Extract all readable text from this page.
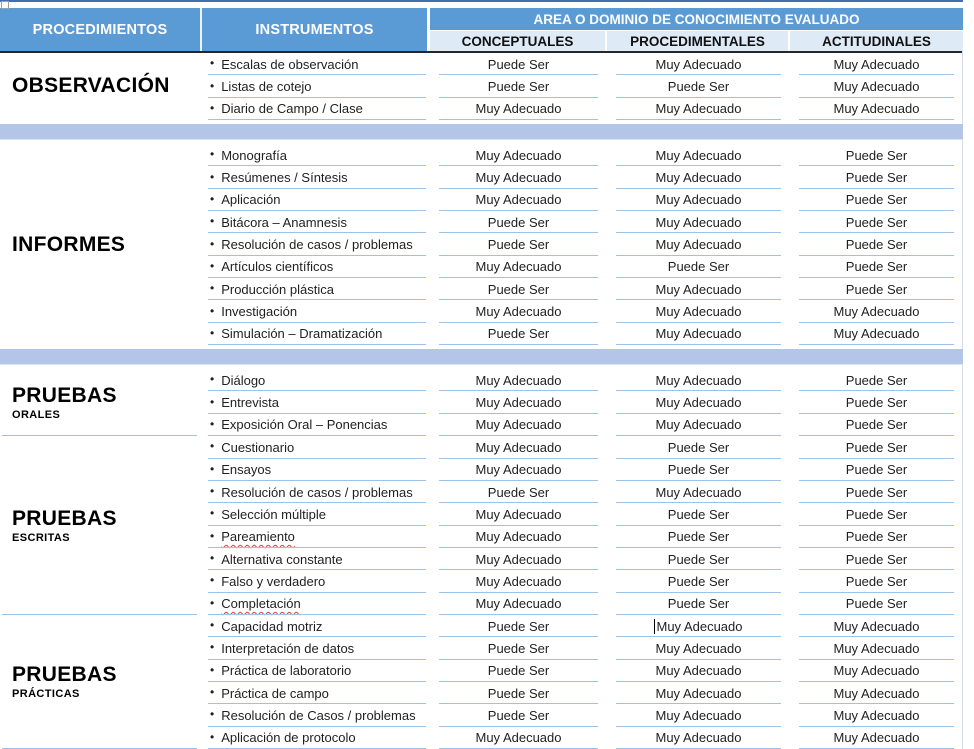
PROCEDIMIENTOS	INSTRUMENTOS
AREA O DOMINIO DE CONOCIMIENTO EVALUADO
CONCEPTUALES	PROCEDIMENTALES	ACTITUDINALES
OBSERVACIÓN
• Escalas de observación	Puede Ser	Muy Adecuado	Muy Adecuado
• Listas de cotejo	Puede Ser	Puede Ser	Muy Adecuado
• Diario de Campo / Clase	Muy Adecuado	Muy Adecuado	Muy Adecuado
INFORMES
• Monografía	Muy Adecuado	Muy Adecuado	Puede Ser
• Resúmenes / Síntesis	Muy Adecuado	Muy Adecuado	Puede Ser
• Aplicación	Muy Adecuado	Muy Adecuado	Puede Ser
• Bitácora – Anamnesis	Puede Ser	Muy Adecuado	Puede Ser
• Resolución de casos / problemas	Puede Ser	Muy Adecuado	Puede Ser
• Artículos científicos	Muy Adecuado	Puede Ser	Puede Ser
• Producción plástica	Puede Ser	Muy Adecuado	Puede Ser
• Investigación	Muy Adecuado	Muy Adecuado	Muy Adecuado
• Simulación – Dramatización	Puede Ser	Muy Adecuado	Muy Adecuado
PRUEBAS
ORALES
• Diálogo	Muy Adecuado	Muy Adecuado	Puede Ser
• Entrevista	Muy Adecuado	Muy Adecuado	Puede Ser
• Exposición Oral – Ponencias	Muy Adecuado	Muy Adecuado	Puede Ser
PRUEBAS
ESCRITAS
• Cuestionario	Muy Adecuado	Puede Ser	Puede Ser
• Ensayos	Muy Adecuado	Puede Ser	Puede Ser
• Resolución de casos / problemas	Puede Ser	Muy Adecuado	Puede Ser
• Selección múltiple	Muy Adecuado	Puede Ser	Puede Ser
• Pareamiento	Muy Adecuado	Puede Ser	Puede Ser
• Alternativa constante	Muy Adecuado	Puede Ser	Puede Ser
• Falso y verdadero	Muy Adecuado	Puede Ser	Puede Ser
• Completación	Muy Adecuado	Puede Ser	Puede Ser
PRUEBAS
PRÁCTICAS
• Capacidad motriz	Puede Ser	Muy Adecuado	Muy Adecuado
• Interpretación de datos	Puede Ser	Muy Adecuado	Muy Adecuado
• Práctica de laboratorio	Puede Ser	Muy Adecuado	Muy Adecuado
• Práctica de campo	Puede Ser	Muy Adecuado	Muy Adecuado
• Resolución de Casos / problemas	Puede Ser	Muy Adecuado	Muy Adecuado
• Aplicación de protocolo	Muy Adecuado	Muy Adecuado	Muy Adecuado
